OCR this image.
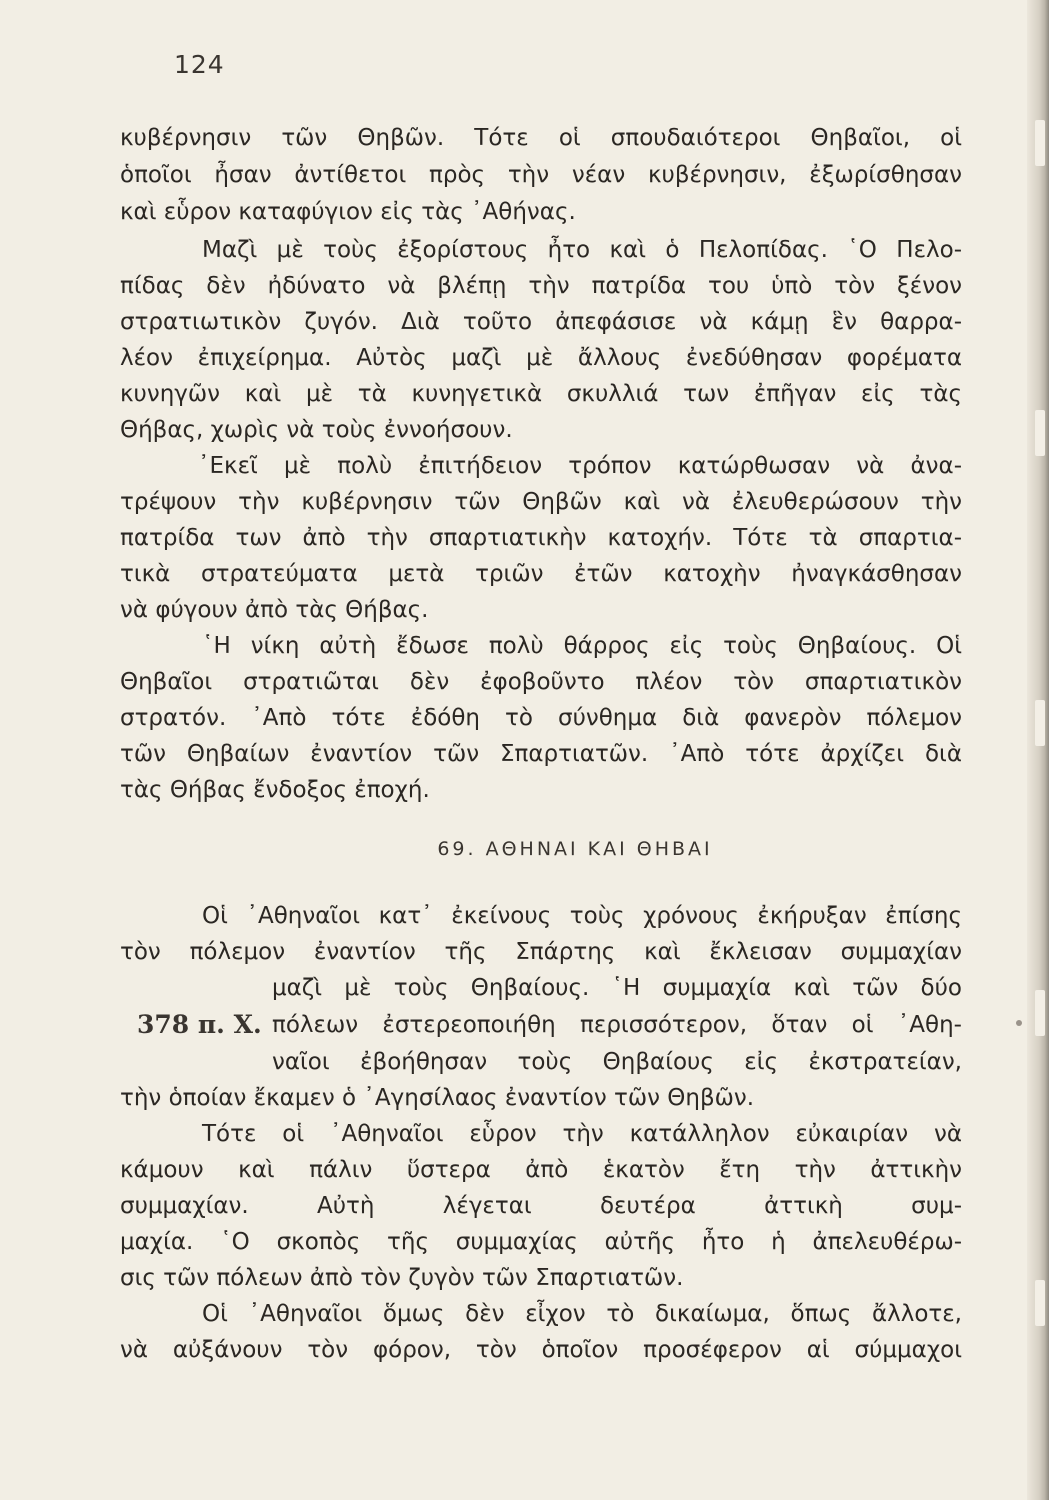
124

κυβέρνησιν τῶν Θηβῶν. Τότε οἱ σπουδαιότεροι Θηβαῖοι, οἱ

ὁποῖοι ἦσαν ἀντίθετοι πρὸς τὴν νέαν κυβέρνησιν, ἐξωρίσθησαν

καὶ εὗρον καταφύγιον εἰς τὰς ᾿Αθήνας.

Μαζὶ μὲ τοὺς ἐξορίστους ἦτο καὶ ὁ Πελοπίδας. ῾Ο Πελο-

πίδας δὲν ἠδύνατο νὰ βλέπῃ τὴν πατρίδα του ὑπὸ τὸν ξένον

στρατιωτικὸν ζυγόν. Διὰ τοῦτο ἀπεφάσισε νὰ κάμῃ ἓν θαρρα-

λέον ἐπιχείρημα. Αὐτὸς μαζὶ μὲ ἄλλους ἐνεδύθησαν φορέματα

κυνηγῶν καὶ μὲ τὰ κυνηγετικὰ σκυλλιά των ἐπῆγαν εἰς τὰς

Θήβας, χωρὶς νὰ τοὺς ἐννοήσουν.

᾿Εκεῖ μὲ πολὺ ἐπιτήδειον τρόπον κατώρθωσαν νὰ ἀνα-

τρέψουν τὴν κυβέρνησιν τῶν Θηβῶν καὶ νὰ ἐλευθερώσουν τὴν

πατρίδα των ἀπὸ τὴν σπαρτιατικὴν κατοχήν. Τότε τὰ σπαρτια-

τικὰ στρατεύματα μετὰ τριῶν ἐτῶν κατοχὴν ἠναγκάσθησαν

νὰ φύγουν ἀπὸ τὰς Θήβας.

῾Η νίκη αὐτὴ ἔδωσε πολὺ θάρρος εἰς τοὺς Θηβαίους. Οἱ

Θηβαῖοι στρατιῶται δὲν ἐφοβοῦντο πλέον τὸν σπαρτιατικὸν

στρατόν. ᾿Απὸ τότε ἐδόθη τὸ σύνθημα διὰ φανερὸν πόλεμον

τῶν Θηβαίων ἐναντίον τῶν Σπαρτιατῶν. ᾿Απὸ τότε ἀρχίζει διὰ

τὰς Θήβας ἔνδοξος ἐποχή.

69. ΑΘΗΝΑΙ ΚΑΙ ΘΗΒΑΙ

Οἱ ᾿Αθηναῖοι κατ᾿ ἐκείνους τοὺς χρόνους ἐκήρυξαν ἐπίσης

τὸν πόλεμον ἐναντίον τῆς Σπάρτης καὶ ἔκλεισαν συμμαχίαν

μαζὶ μὲ τοὺς Θηβαίους. ῾Η συμμαχία καὶ τῶν δύο

πόλεων ἐστερεοποιήθη περισσότερον, ὅταν οἱ ᾿Αθη-

ναῖοι ἐβοήθησαν τοὺς Θηβαίους εἰς ἐκστρατείαν,

τὴν ὁποίαν ἔκαμεν ὁ ᾿Αγησίλαος ἐναντίον τῶν Θηβῶν.

378 π. Χ.

Τότε οἱ ᾿Αθηναῖοι εὗρον τὴν κατάλληλον εὐκαιρίαν νὰ

κάμουν καὶ πάλιν ὕστερα ἀπὸ ἑκατὸν ἔτη τὴν ἀττικὴν

συμμαχίαν. Αὐτὴ λέγεται δευτέρα ἀττικὴ συμ-

μαχία. ῾Ο σκοπὸς τῆς συμμαχίας αὐτῆς ἦτο ἡ ἀπελευθέρω-

σις τῶν πόλεων ἀπὸ τὸν ζυγὸν τῶν Σπαρτιατῶν.

Οἱ ᾿Αθηναῖοι ὅμως δὲν εἶχον τὸ δικαίωμα, ὅπως ἄλλοτε,

νὰ αὐξάνουν τὸν φόρον, τὸν ὁποῖον προσέφερον αἱ σύμμαχοι
